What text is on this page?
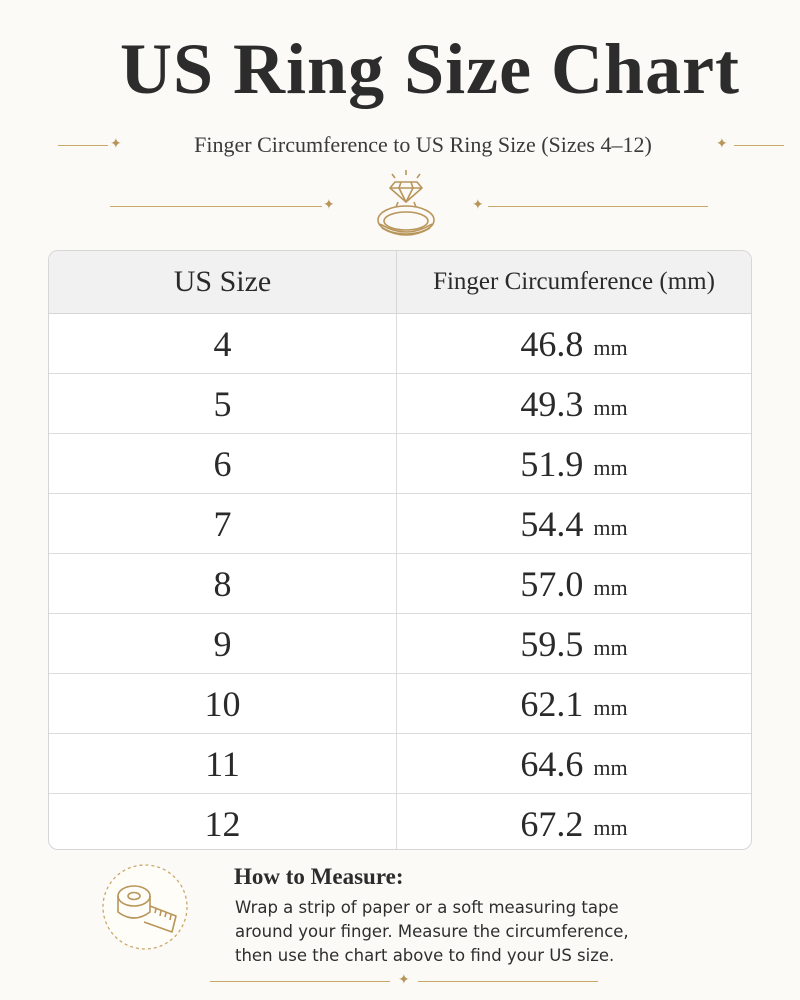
US Ring Size Chart
✦	Finger Circumference to US Ring Size (Sizes 4–12)	✦
✦	✦
US Size	Finger Circumference (mm)
4	46.8 mm
5	49.3 mm
6	51.9 mm
7	54.4 mm
8	57.0 mm
9	59.5 mm
10	62.1 mm
11	64.6 mm
12	67.2 mm
How to Measure:
Wrap a strip of paper or a soft measuring tape
around your finger. Measure the circumference,
then use the chart above to find your US size.
✦
